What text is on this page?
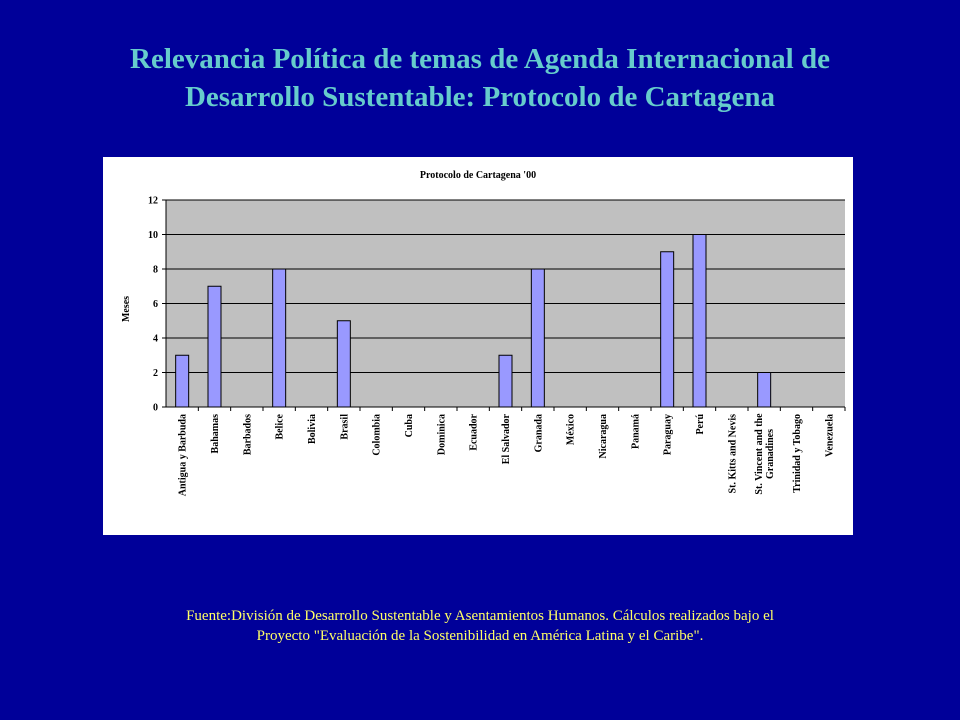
Relevancia Política de temas de Agenda Internacional de
Desarrollo Sustentable: Protocolo de Cartagena
Protocolo de Cartagena '00
0
2
4
6
8
10
12
Antigua y Barbuda Bahamas Barbados Belice Bolivia Brasil Colombia Cuba Dominica Ecuador El Salvador Granada México Nicaragua Panamá Paraguay Perú St. Kitts and Nevis St. Vincent and theGranadines Trinidad y Tobago Venezuela
Meses
Fuente:División de Desarrollo Sustentable y Asentamientos Humanos. Cálculos realizados bajo el
Proyecto "Evaluación de la Sostenibilidad en América Latina y el Caribe".
